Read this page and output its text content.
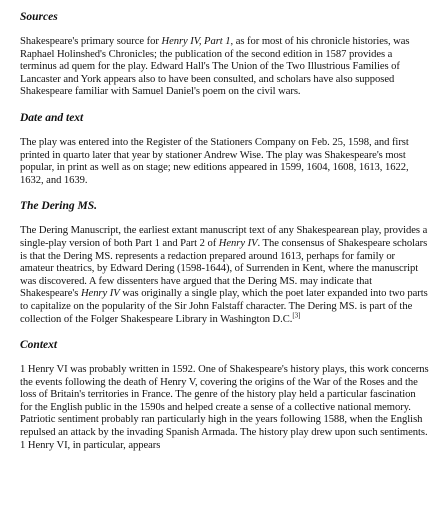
Sources

Shakespeare's primary source for Henry IV, Part 1, as for most of his chronicle histories, was Raphael Holinshed's Chronicles; the publication of the second edition in 1587 provides a terminus ad quem for the play. Edward Hall's The Union of the Two Illustrious Families of Lancaster and York appears also to have been consulted, and scholars have also supposed Shakespeare familiar with Samuel Daniel's poem on the civil wars.

Date and text

The play was entered into the Register of the Stationers Company on Feb. 25, 1598, and first printed in quarto later that year by stationer Andrew Wise. The play was Shakespeare's most popular, in print as well as on stage; new editions appeared in 1599, 1604, 1608, 1613, 1622, 1632, and 1639.

The Dering MS.

The Dering Manuscript, the earliest extant manuscript text of any Shakespearean play, provides a single-play version of both Part 1 and Part 2 of Henry IV. The consensus of Shakespeare scholars is that the Dering MS. represents a redaction prepared around 1613, perhaps for family or amateur theatrics, by Edward Dering (1598-1644), of Surrenden in Kent, where the manuscript was discovered. A few dissenters have argued that the Dering MS. may indicate that Shakespeare's Henry IV was originally a single play, which the poet later expanded into two parts to capitalize on the popularity of the Sir John Falstaff character. The Dering MS. is part of the collection of the Folger Shakespeare Library in Washington D.C.[3]

Context

1 Henry VI was probably written in 1592. One of Shakespeare's history plays, this work concerns the events following the death of Henry V, covering the origins of the War of the Roses and the loss of Britain's territories in France. The genre of the history play held a particular fascination for the English public in the 1590s and helped create a sense of a collective national memory. Patriotic sentiment probably ran particularly high in the years following 1588, when the English repulsed an attack by the invading Spanish Armada. The history play drew upon such sentiments. 1 Henry VI, in particular, appears
